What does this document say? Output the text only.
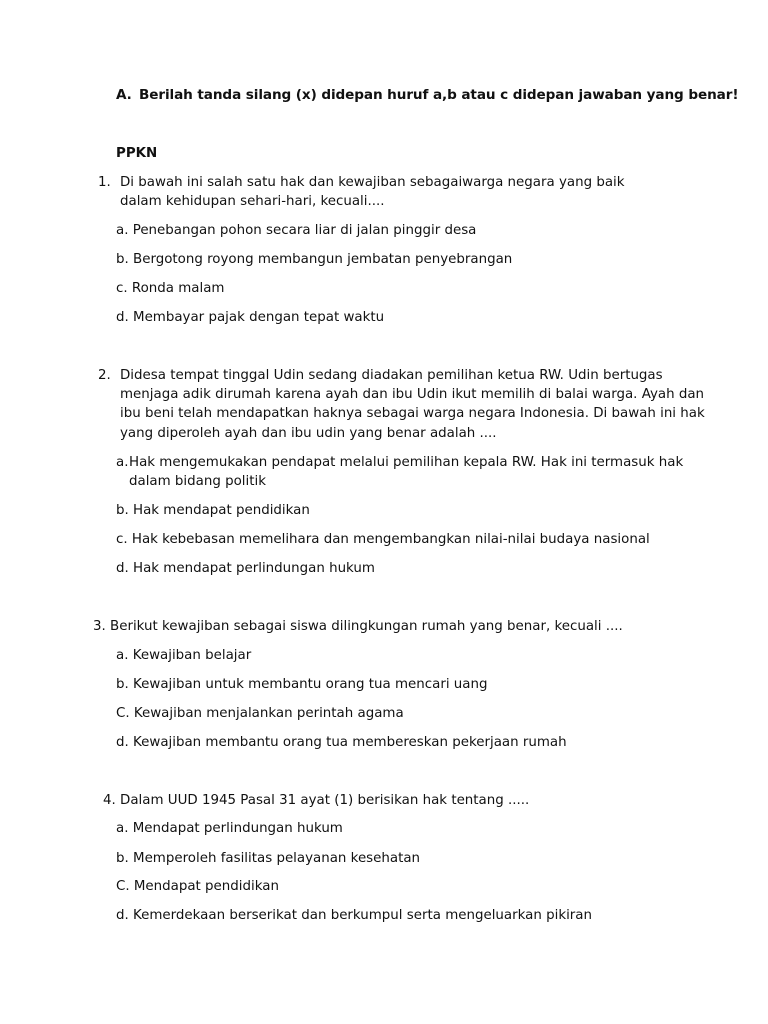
A. Berilah tanda silang (x) didepan huruf a,b atau c didepan jawaban yang benar!
PPKN
1. Di bawah ini salah satu hak dan kewajiban sebagaiwarga negara yang baik
dalam kehidupan sehari-hari, kecuali....
a. Penebangan pohon secara liar di jalan pinggir desa
b. Bergotong royong membangun jembatan penyebrangan
c. Ronda malam
d. Membayar pajak dengan tepat waktu
2. Didesa tempat tinggal Udin sedang diadakan pemilihan ketua RW. Udin bertugas
menjaga adik dirumah karena ayah dan ibu Udin ikut memilih di balai warga. Ayah dan
ibu beni telah mendapatkan haknya sebagai warga negara Indonesia. Di bawah ini hak
yang diperoleh ayah dan ibu udin yang benar adalah ....
a. Hak mengemukakan pendapat melalui pemilihan kepala RW. Hak ini termasuk hak
dalam bidang politik
b. Hak mendapat pendidikan
c. Hak kebebasan memelihara dan mengembangkan nilai-nilai budaya nasional
d. Hak mendapat perlindungan hukum
3. Berikut kewajiban sebagai siswa dilingkungan rumah yang benar, kecuali ....
a. Kewajiban belajar
b. Kewajiban untuk membantu orang tua mencari uang
C. Kewajiban menjalankan perintah agama
d. Kewajiban membantu orang tua membereskan pekerjaan rumah
4. Dalam UUD 1945 Pasal 31 ayat (1) berisikan hak tentang .....
a. Mendapat perlindungan hukum
b. Memperoleh fasilitas pelayanan kesehatan
C. Mendapat pendidikan
d. Kemerdekaan berserikat dan berkumpul serta mengeluarkan pikiran
